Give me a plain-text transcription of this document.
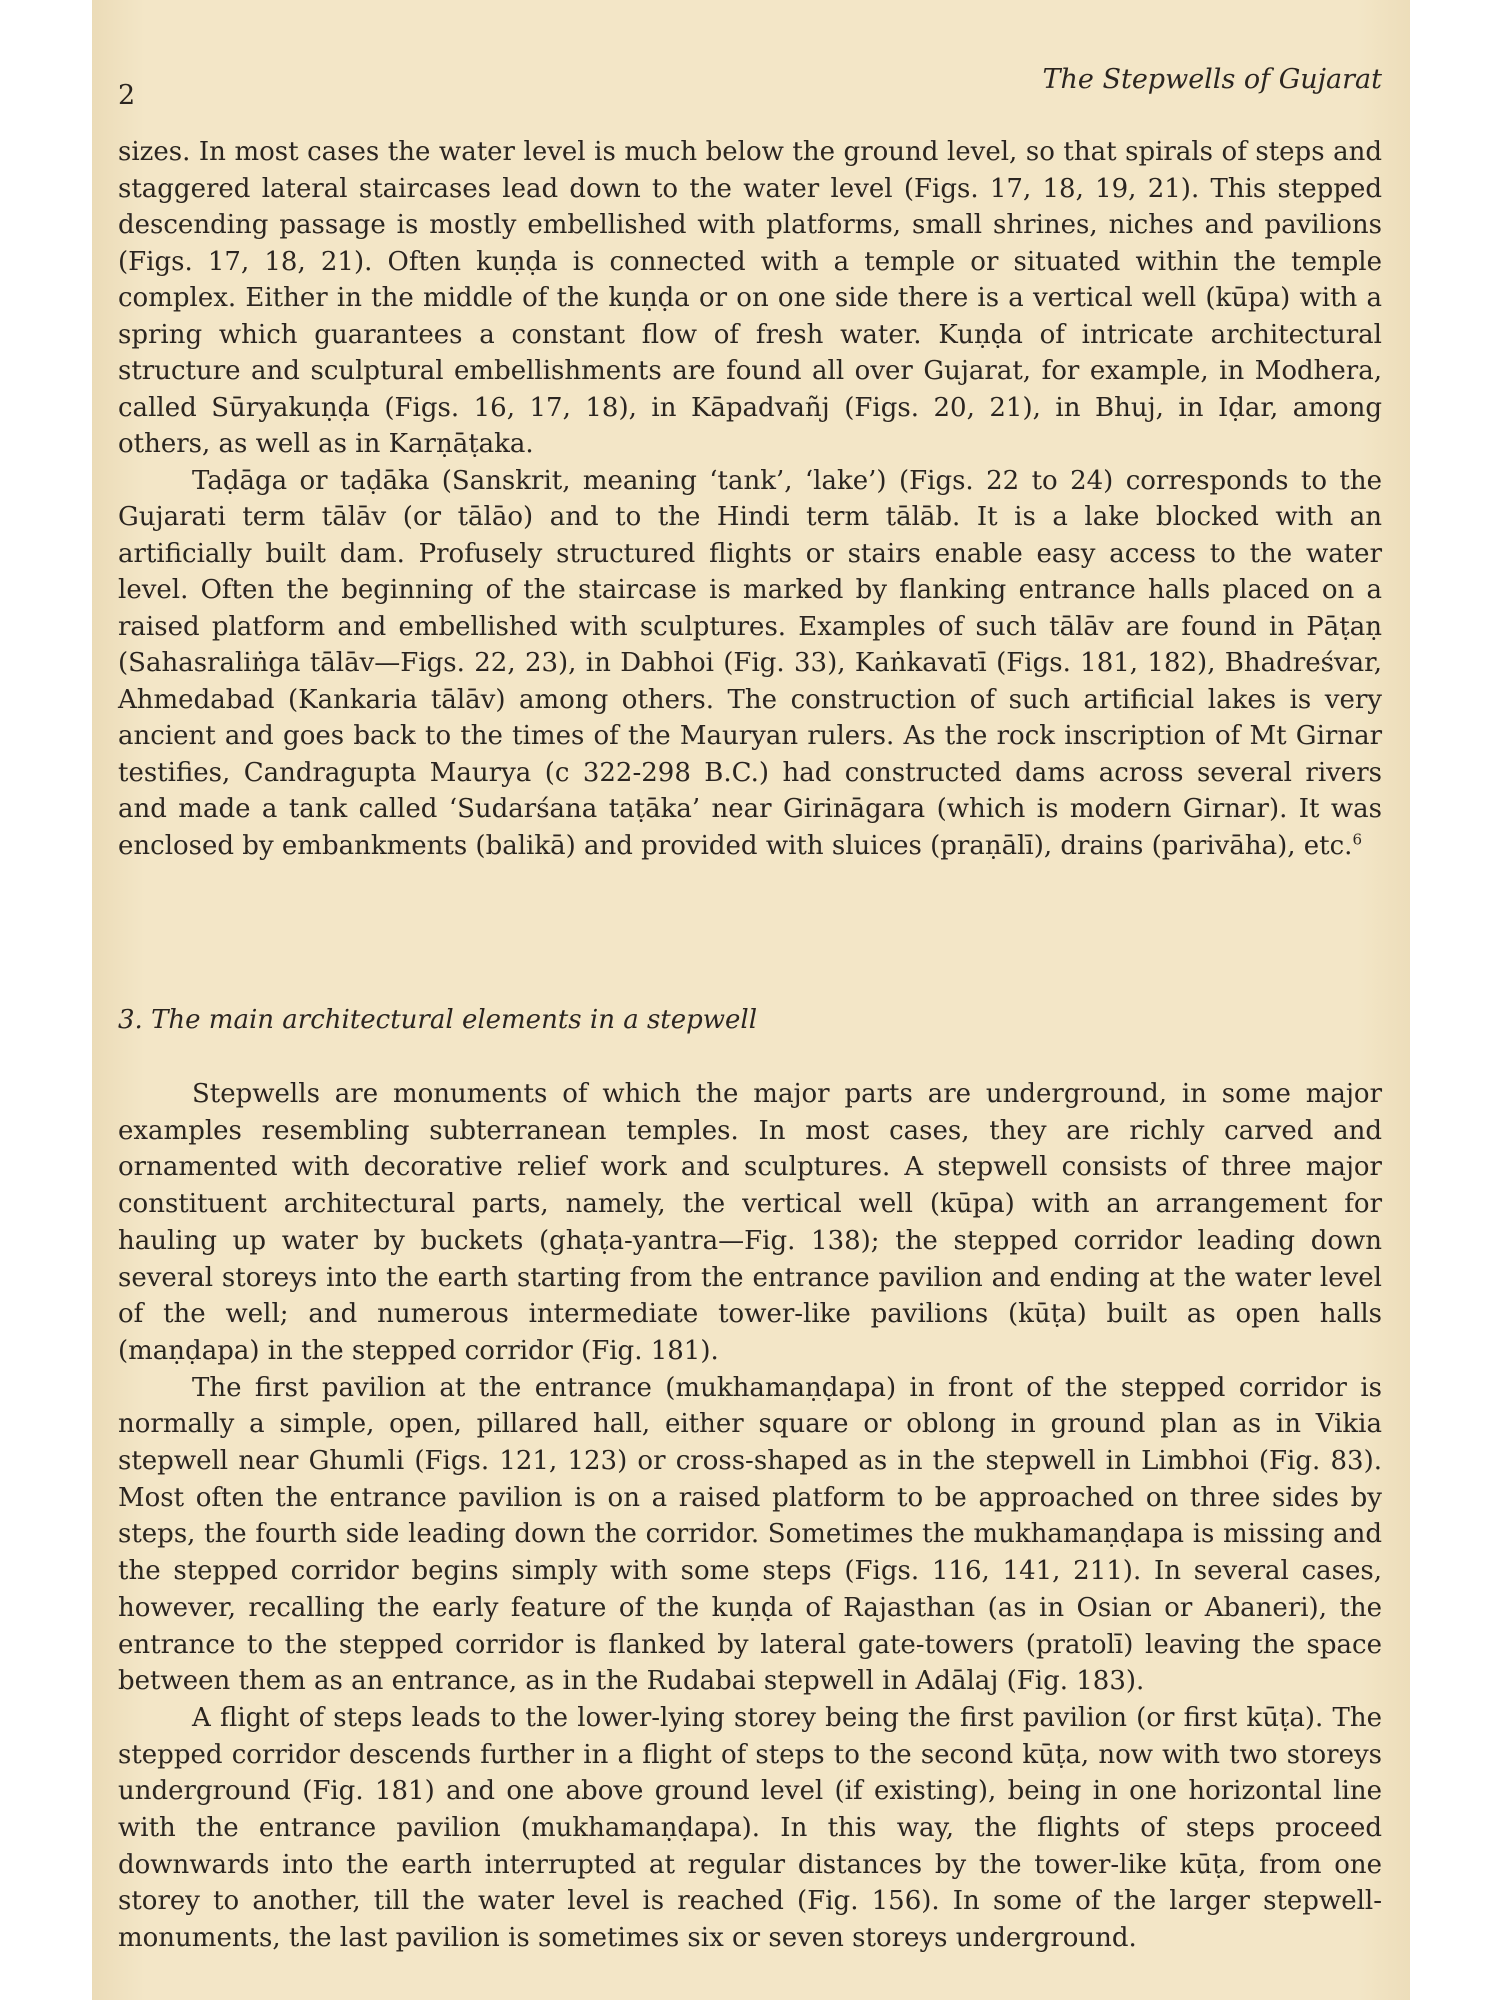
2
The Stepwells of Gujarat

sizes. In most cases the water level is much below the ground level, so that spirals of steps and staggered lateral staircases lead down to the water level (Figs. 17, 18, 19, 21). This stepped descending passage is mostly embellished with platforms, small shrines, niches and pavilions (Figs. 17, 18, 21). Often kuṇḍa is connected with a temple or situated within the temple complex. Either in the middle of the kuṇḍa or on one side there is a vertical well (kūpa) with a spring which guarantees a constant flow of fresh water. Kuṇḍa of intricate architectural structure and sculptural embellishments are found all over Gujarat, for example, in Modhera, called Sūryakuṇḍa (Figs. 16, 17, 18), in Kāpadvañj (Figs. 20, 21), in Bhuj, in Iḍar, among others, as well as in Karṇāṭaka.

Taḍāga or taḍāka (Sanskrit, meaning ‘tank’, ‘lake’) (Figs. 22 to 24) corresponds to the Gujarati term tālāv (or tālāo) and to the Hindi term tālāb. It is a lake blocked with an artificially built dam. Profusely structured flights or stairs enable easy access to the water level. Often the beginning of the staircase is marked by flanking entrance halls placed on a raised platform and embellished with sculptures. Examples of such tālāv are found in Pāṭaṇ (Sahasraliṅga tālāv—Figs. 22, 23), in Dabhoi (Fig. 33), Kaṅkavatī (Figs. 181, 182), Bhadreśvar, Ahmedabad (Kankaria tālāv) among others. The construction of such artificial lakes is very ancient and goes back to the times of the Mauryan rulers. As the rock inscription of Mt Girnar testifies, Candragupta Maurya (c 322-298 B.C.) had constructed dams across several rivers and made a tank called ‘Sudarśana taṭāka’ near Girināgara (which is modern Girnar). It was enclosed by embankments (balikā) and provided with sluices (praṇālī), drains (parivāha), etc.$^6$

3. The main architectural elements in a stepwell

Stepwells are monuments of which the major parts are underground, in some major examples resembling subterranean temples. In most cases, they are richly carved and ornamented with decorative relief work and sculptures. A stepwell consists of three major constituent architectural parts, namely, the vertical well (kūpa) with an arrangement for hauling up water by buckets (ghaṭa-yantra—Fig. 138); the stepped corridor leading down several storeys into the earth starting from the entrance pavilion and ending at the water level of the well; and numerous intermediate tower-like pavilions (kūṭa) built as open halls (maṇḍapa) in the stepped corridor (Fig. 181).

The first pavilion at the entrance (mukhamaṇḍapa) in front of the stepped corridor is normally a simple, open, pillared hall, either square or oblong in ground plan as in Vikia stepwell near Ghumli (Figs. 121, 123) or cross-shaped as in the stepwell in Limbhoi (Fig. 83). Most often the entrance pavilion is on a raised platform to be approached on three sides by steps, the fourth side leading down the corridor. Sometimes the mukhamaṇḍapa is missing and the stepped corridor begins simply with some steps (Figs. 116, 141, 211). In several cases, however, recalling the early feature of the kuṇḍa of Rajasthan (as in Osian or Abaneri), the entrance to the stepped corridor is flanked by lateral gate-towers (pratolī) leaving the space between them as an entrance, as in the Rudabai stepwell in Adālaj (Fig. 183).

A flight of steps leads to the lower-lying storey being the first pavilion (or first kūṭa). The stepped corridor descends further in a flight of steps to the second kūṭa, now with two storeys underground (Fig. 181) and one above ground level (if existing), being in one horizontal line with the entrance pavilion (mukhamaṇḍapa). In this way, the flights of steps proceed downwards into the earth interrupted at regular distances by the tower-like kūṭa, from one storey to another, till the water level is reached (Fig. 156). In some of the larger stepwell-monuments, the last pavilion is sometimes six or seven storeys underground.
